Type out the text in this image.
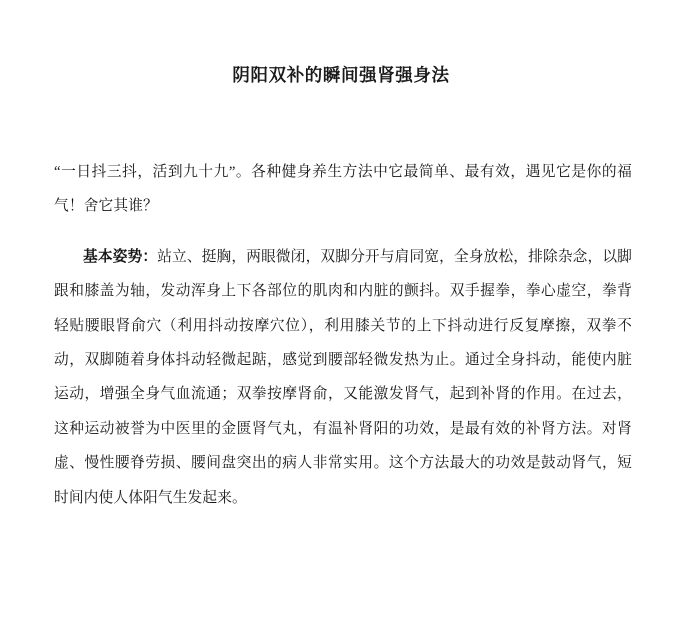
阴阳双补的瞬间强肾强身法

“一日抖三抖，活到九十九”。各种健身养生方法中它最简单、最有效，遇见它是你的福气！舍它其谁？

基本姿势：站立、挺胸，两眼微闭，双脚分开与肩同宽，全身放松，排除杂念，以脚跟和膝盖为轴，发动浑身上下各部位的肌肉和内脏的颤抖。双手握拳，拳心虚空，拳背轻贴腰眼肾俞穴（利用抖动按摩穴位），利用膝关节的上下抖动进行反复摩擦，双拳不动，双脚随着身体抖动轻微起踮，感觉到腰部轻微发热为止。通过全身抖动，能使内脏运动，增强全身气血流通；双拳按摩肾俞，又能激发肾气，起到补肾的作用。在过去，这种运动被誉为中医里的金匮肾气丸，有温补肾阳的功效，是最有效的补肾方法。对肾虚、慢性腰脊劳损、腰间盘突出的病人非常实用。这个方法最大的功效是鼓动肾气，短时间内使人体阳气生发起来。
